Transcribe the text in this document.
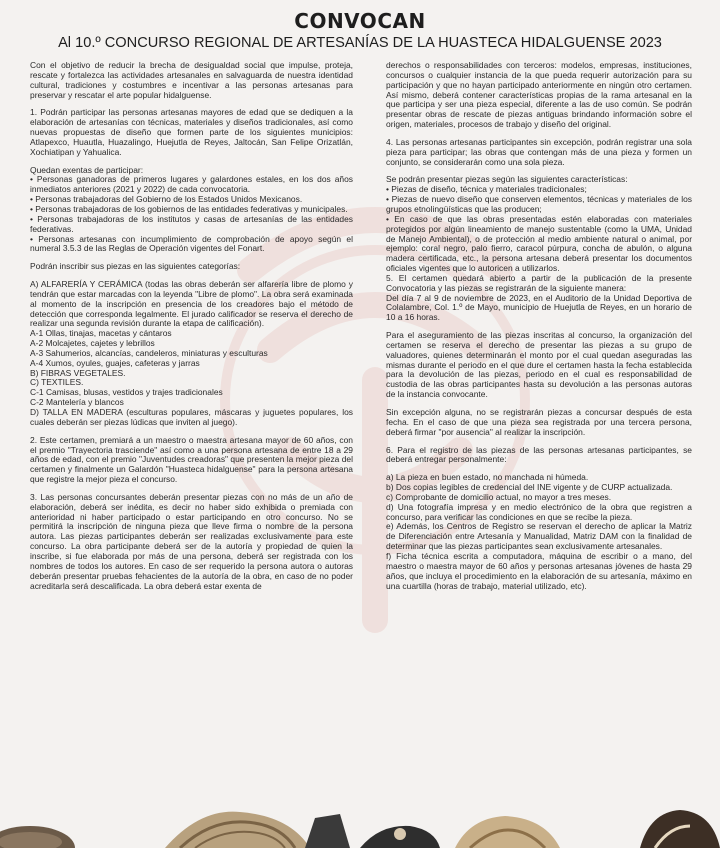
CONVOCAN
Al 10.º CONCURSO REGIONAL DE ARTESANÍAS DE LA HUASTECA HIDALGUENSE 2023

Con el objetivo de reducir la brecha de desigualdad social que impulse, proteja, rescate y fortalezca las actividades artesanales en salvaguarda de nuestra identidad cultural, tradiciones y costumbres e incentivar a las personas artesanas para preservar y rescatar el arte popular hidalguense.

1. Podrán participar las personas artesanas mayores de edad que se dediquen a la elaboración de artesanías con técnicas, materiales y diseños tradicionales, así como nuevas propuestas de diseño que formen parte de los siguientes municipios: Atlapexco, Huautla, Huazalingo, Huejutla de Reyes, Jaltocán, San Felipe Orizatlán, Xochiatipan y Yahualica.

Quedan exentas de participar:
• Personas ganadoras de primeros lugares y galardones estales, en los dos años inmediatos anteriores (2021 y 2022) de cada convocatoria.
• Personas trabajadoras del Gobierno de los Estados Unidos Mexicanos.
• Personas trabajadoras de los gobiernos de las entidades federativas y municipales.
• Personas trabajadoras de los institutos y casas de artesanías de las entidades federativas.
• Personas artesanas con incumplimiento de comprobación de apoyo según el numeral 3.5.3 de las Reglas de Operación vigentes del Fonart.

Podrán inscribir sus piezas en las siguientes categorías:

A) ALFARERÍA Y CERÁMICA (todas las obras deberán ser alfarería libre de plomo y tendrán que estar marcadas con la leyenda "Libre de plomo". La obra será examinada al momento de la inscripción en presencia de los creadores bajo el método de detección que corresponda legalmente. El jurado calificador se reserva el derecho de realizar una segunda revisión durante la etapa de calificación).
A-1 Ollas, tinajas, macetas y cántaros
A-2 Molcajetes, cajetes y lebrillos
A-3 Sahumerios, alcancías, candeleros, miniaturas y esculturas
A-4 Xumos, oyules, guajes, cafeteras y jarras
B) FIBRAS VEGETALES.
C) TEXTILES.
C-1 Camisas, blusas, vestidos y trajes tradicionales
C-2 Mantelería y blancos
D) TALLA EN MADERA (esculturas populares, máscaras y juguetes populares, los cuales deberán ser piezas lúdicas que inviten al juego).

2. Este certamen, premiará a un maestro o maestra artesana mayor de 60 años, con el premio "Trayectoria trasciende" así como a una persona artesana de entre 18 a 29 años de edad, con el premio "Juventudes creadoras" que presenten la mejor pieza del certamen y finalmente un Galardón "Huasteca hidalguense" para la persona artesana que registre la mejor pieza el concurso.

3. Las personas concursantes deberán presentar piezas con no más de un año de elaboración, deberá ser inédita, es decir no haber sido exhibida o premiada con anterioridad ni haber participado o estar participando en otro concurso. No se permitirá la inscripción de ninguna pieza que lleve firma o nombre de la persona autora. Las piezas participantes deberán ser realizadas exclusivamente para este concurso. La obra participante deberá ser de la autoría y propiedad de quien la inscribe, si fue elaborada por más de una persona, deberá ser registrada con los nombres de todos los autores. En caso de ser requerido la persona autora o autoras deberán presentar pruebas fehacientes de la autoría de la obra, en caso de no poder acreditarla será descalificada. La obra deberá estar exenta de

derechos o responsabilidades con terceros: modelos, empresas, instituciones, concursos o cualquier instancia de la que pueda requerir autorización para su participación y que no hayan participado anteriormente en ningún otro certamen. Así mismo, deberá contener características propias de la rama artesanal en la que participa y ser una pieza especial, diferente a las de uso común. Se podrán presentar obras de rescate de piezas antiguas brindando información sobre el origen, materiales, procesos de trabajo y diseño del original.

4. Las personas artesanas participantes sin excepción, podrán registrar una sola pieza para participar; las obras que contengan más de una pieza y formen un conjunto, se considerarán como una sola pieza.

Se podrán presentar piezas según las siguientes características:
• Piezas de diseño, técnica y materiales tradicionales;
• Piezas de nuevo diseño que conserven elementos, técnicas y materiales de los grupos etnolingüísticas que las producen;
• En caso de que las obras presentadas estén elaboradas con materiales protegidos por algún lineamiento de manejo sustentable (como la UMA, Unidad de Manejo Ambiental), o de protección al medio ambiente natural o animal, por ejemplo: coral negro, palo fierro, caracol púrpura, concha de abulón, o alguna madera certificada, etc., la persona artesana deberá presentar los documentos oficiales vigentes que lo autoricen a utilizarlos.
5. El certamen quedará abierto a partir de la publicación de la presente Convocatoria y las piezas se registrarán de la siguiente manera:
Del día 7 al 9 de noviembre de 2023, en el Auditorio de la Unidad Deportiva de Colalambre, Col. 1.º de Mayo, municipio de Huejutla de Reyes, en un horario de 10 a 16 horas.

Para el aseguramiento de las piezas inscritas al concurso, la organización del certamen se reserva el derecho de presentar las piezas a su grupo de valuadores, quienes determinarán el monto por el cual quedan aseguradas las mismas durante el periodo en el que dure el certamen hasta la fecha establecida para la devolución de las piezas, periodo en el cual es responsabilidad de custodia de las obras participantes hasta su devolución a las personas autoras de la instancia convocante.

Sin excepción alguna, no se registrarán piezas a concursar después de esta fecha. En el caso de que una pieza sea registrada por una tercera persona, deberá firmar "por ausencia" al realizar la inscripción.

6. Para el registro de las piezas de las personas artesanas participantes, se deberá entregar personalmente:

a) La pieza en buen estado, no manchada ni húmeda.
b) Dos copias legibles de credencial del INE vigente y de CURP actualizada.
c) Comprobante de domicilio actual, no mayor a tres meses.
d) Una fotografía impresa y en medio electrónico de la obra que registren a concurso, para verificar las condiciones en que se recibe la pieza.
e) Además, los Centros de Registro se reservan el derecho de aplicar la Matriz de Diferenciación entre Artesanía y Manualidad, Matriz DAM con la finalidad de determinar que las piezas participantes sean exclusivamente artesanales.
f) Ficha técnica escrita a computadora, máquina de escribir o a mano, del maestro o maestra mayor de 60 años y personas artesanas jóvenes de hasta 29 años, que incluya el procedimiento en la elaboración de su artesanía, máximo en una cuartilla (horas de trabajo, material utilizado, etc).
